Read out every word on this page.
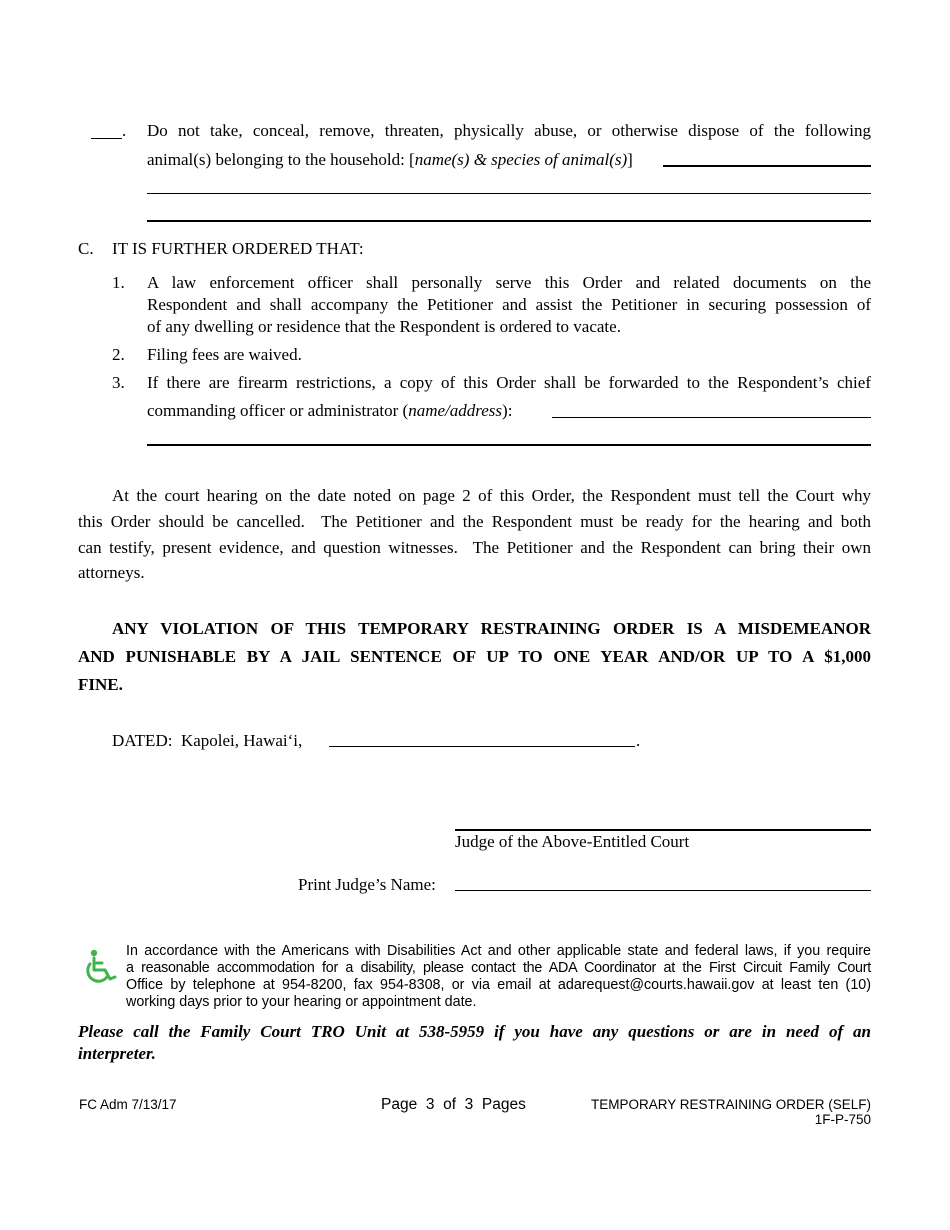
. Do not take, conceal, remove, threaten, physically abuse, or otherwise dispose of the following
animal(s) belonging to the household: [name(s) & species of animal(s)]
C. IT IS FURTHER ORDERED THAT:
1. A law enforcement officer shall personally serve this Order and related documents on the
Respondent and shall accompany the Petitioner and assist the Petitioner in securing possession of
of any dwelling or residence that the Respondent is ordered to vacate.
2. Filing fees are waived.
3. If there are firearm restrictions, a copy of this Order shall be forwarded to the Respondent’s chief
commanding officer or administrator (name/address):
At the court hearing on the date noted on page 2 of this Order, the Respondent must tell the Court why
this Order should be cancelled.  The Petitioner and the Respondent must be ready for the hearing and both
can testify, present evidence, and question witnesses.  The Petitioner and the Respondent can bring their own
attorneys.
ANY VIOLATION OF THIS TEMPORARY RESTRAINING ORDER IS A MISDEMEANOR
AND PUNISHABLE BY A JAIL SENTENCE OF UP TO ONE YEAR AND/OR UP TO A $1,000
FINE.
DATED:  Kapolei, Hawai‘i,	.
Judge of the Above-Entitled Court
Print Judge’s Name:
In accordance with the Americans with Disabilities Act and other applicable state and federal laws, if you require
a reasonable accommodation for a disability, please contact the ADA Coordinator at the First Circuit Family Court
Office by telephone at 954-8200, fax 954-8308, or via email at adarequest@courts.hawaii.gov at least ten (10)
working days prior to your hearing or appointment date.
Please call the Family Court TRO Unit at 538-5959 if you have any questions or are in need of an
interpreter.
FC Adm 7/13/17	Page 3 of 3 Pages	TEMPORARY RESTRAINING ORDER (SELF)
1F-P-750
